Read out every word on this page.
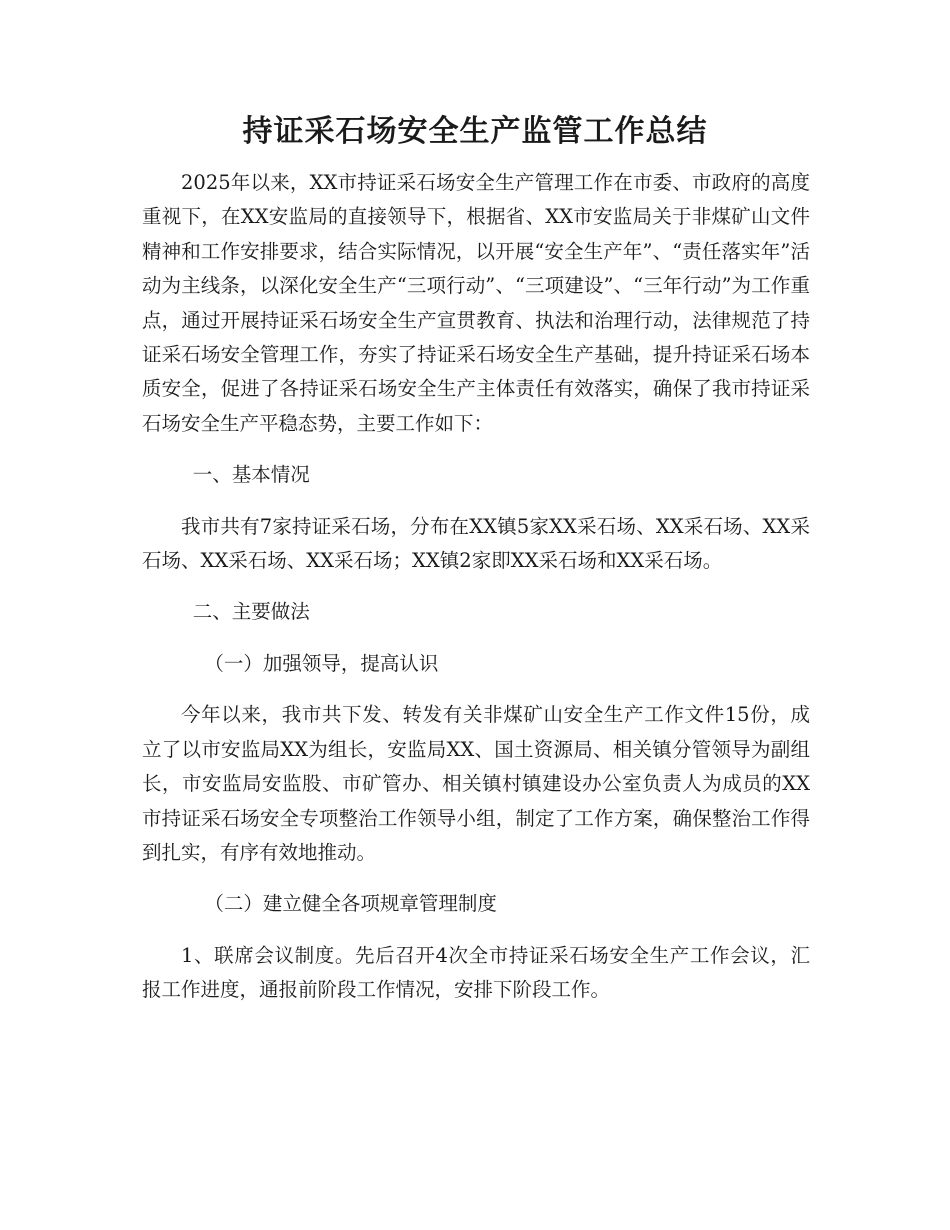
持证采石场安全生产监管工作总结

2025年以来，XX市持证采石场安全生产管理工作在市委、市政府的高度重视下，在XX安监局的直接领导下，根据省、XX市安监局关于非煤矿山文件精神和工作安排要求，结合实际情况，以开展“安全生产年”、“责任落实年”活动为主线条，以深化安全生产“三项行动”、“三项建设”、“三年行动”为工作重点，通过开展持证采石场安全生产宣贯教育、执法和治理行动，法律规范了持证采石场安全管理工作，夯实了持证采石场安全生产基础，提升持证采石场本质安全，促进了各持证采石场安全生产主体责任有效落实，确保了我市持证采石场安全生产平稳态势，主要工作如下：

一、基本情况

我市共有7家持证采石场，分布在XX镇5家XX采石场、XX采石场、XX采石场、XX采石场、XX采石场；XX镇2家即XX采石场和XX采石场。

二、主要做法

（一）加强领导，提高认识

今年以来，我市共下发、转发有关非煤矿山安全生产工作文件15份，成立了以市安监局XX为组长，安监局XX、国土资源局、相关镇分管领导为副组长，市安监局安监股、市矿管办、相关镇村镇建设办公室负责人为成员的XX市持证采石场安全专项整治工作领导小组，制定了工作方案，确保整治工作得到扎实，有序有效地推动。

（二）建立健全各项规章管理制度

1、联席会议制度。先后召开4次全市持证采石场安全生产工作会议，汇报工作进度，通报前阶段工作情况，安排下阶段工作。
